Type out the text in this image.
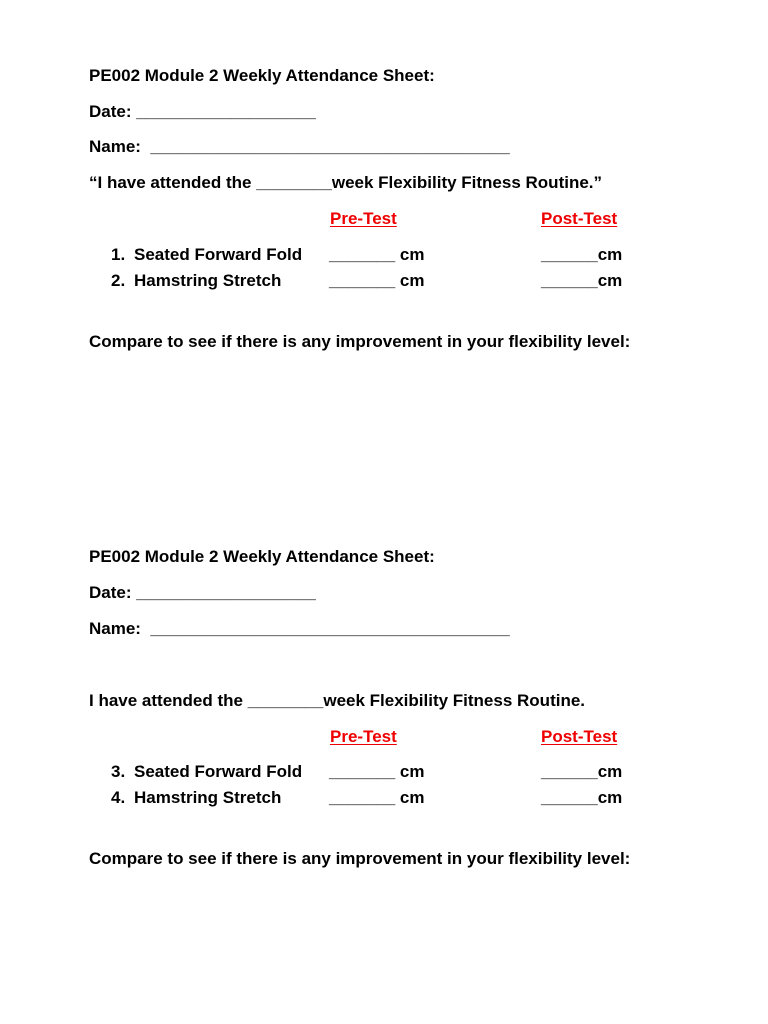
PE002 Module 2 Weekly Attendance Sheet:
Date: ___________________
Name:  ______________________________________
“I have attended the ________week Flexibility Fitness Routine.”
Pre-Test	Post-Test
1. Seated Forward Fold _______ cm	______cm
2. Hamstring Stretch	_______ cm	______cm
Compare to see if there is any improvement in your flexibility level:
PE002 Module 2 Weekly Attendance Sheet:
Date: ___________________
Name:  ______________________________________
I have attended the ________week Flexibility Fitness Routine.
Pre-Test	Post-Test
3. Seated Forward Fold _______ cm	______cm
4. Hamstring Stretch	_______ cm	______cm
Compare to see if there is any improvement in your flexibility level:
